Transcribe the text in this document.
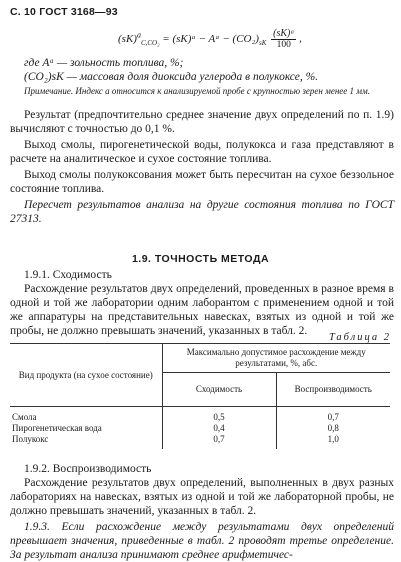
С. 10 ГОСТ 3168—93
(sK)$^a_{C,CO_2}$ = (sK)ᵃ − Aᵃ − $(CO_2)_{sK} \frac{\text{(sK)ᵃ}}{100}$ ,
где Aᵃ — зольность топлива, %;
(CO₂)sK — массовая доля диоксида углерода в полукоксе, %.
Примечание. Индекс a относится к анализируемой пробе с крупностью зерен менее 1 мм.
Результат (предпочтительно среднее значение двух определений по п. 1.9) вычисляют с точностью до 0,1 %.
Выход смолы, пирогенетической воды, полукокса и газа представляют в расчете на аналитическое и сухое состояние топлива.
Выход смолы полукоксования может быть пересчитан на сухое беззольное состояние топлива.
Пересчет результатов анализа на другие состояния топлива по ГОСТ 27313.
1.9. ТОЧНОСТЬ МЕТОДА
1.9.1. Сходимость
Расхождение результатов двух определений, проведенных в разное время в одной и той же лаборатории одним лаборантом с применением одной и той же аппаратуры на представительных навесках, взятых из одной и той же пробы, не должно превышать значений, указанных в табл. 2.
Таблица 2
Вид продукта (на сухое состояние)	Максимально допустимое расхождение между результатами, %, абс.	
	Сходимость	Воспроизводимость
Смола	0,5	0,7
Пирогенетическая вода	0,4	0,8
Полукокс	0,7	1,0
1.9.2. Воспроизводимость
Расхождение результатов двух определений, выполненных в двух разных лабораториях на навесках, взятых из одной и той же лабораторной пробы, не должно превышать значений, указанных в табл. 2.
1.9.3. Если расхождение между результатами двух определений превышает значения, приведенные в табл. 2 проводят третье определение. За результат анализа принимают среднее арифметичес-
